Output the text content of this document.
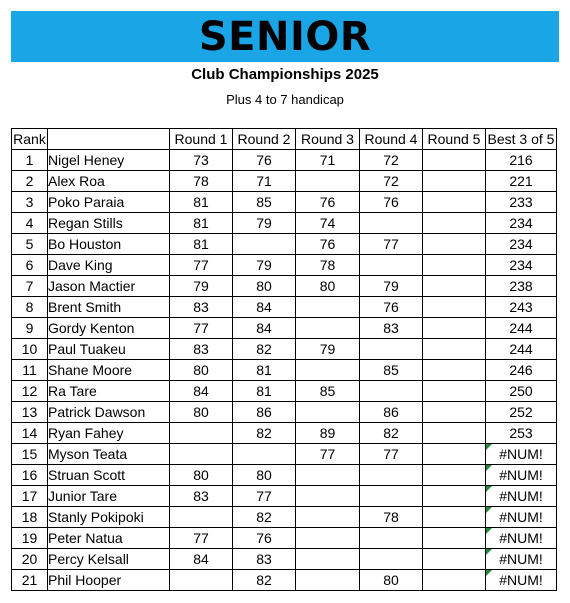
SENIOR
Club Championships 2025
Plus 4 to 7 handicap
Rank		Round 1	Round 2	Round 3	Round 4	Round 5	Best 3 of 5
1	Nigel Heney	73	76	71	72		216
2	Alex Roa	78	71		72		221
3	Poko Paraia	81	85	76	76		233
4	Regan Stills	81	79	74			234
5	Bo Houston	81		76	77		234
6	Dave King	77	79	78			234
7	Jason Mactier	79	80	80	79		238
8	Brent Smith	83	84		76		243
9	Gordy Kenton	77	84		83		244
10	Paul Tuakeu	83	82	79			244
11	Shane Moore	80	81		85		246
12	Ra Tare	84	81	85			250
13	Patrick Dawson	80	86		86		252
14	Ryan Fahey		82	89	82		253
15	Myson Teata			77	77		#NUM!
16	Struan Scott	80	80				#NUM!
17	Junior Tare	83	77				#NUM!
18	Stanly Pokipoki		82		78		#NUM!
19	Peter Natua	77	76				#NUM!
20	Percy Kelsall	84	83				#NUM!
21	Phil Hooper		82		80		#NUM!
